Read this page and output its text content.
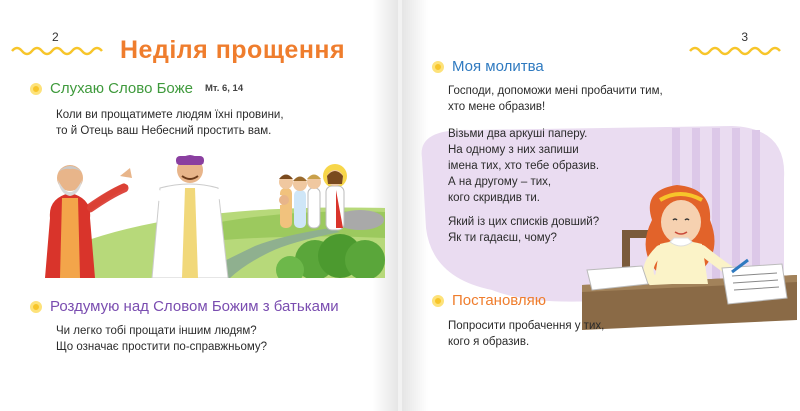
2 Неділя прощення
Слухаю Слово Боже Мт. 6, 14
Коли ви прощатимете людям їхні провини,
то й Отець ваш Небесний простить вам.
Роздумую над Словом Божим з батьками
Чи легко тобі прощати іншим людям?
Що означає простити по-справжньому?
3
Моя молитва
Господи, допоможи мені пробачити тим,
хто мене образив!
Візьми два аркуші паперу.
На одному з них запиши
імена тих, хто тебе образив.
А на другому – тих,
кого скривдив ти.
Який із цих списків довший?
Як ти гадаєш, чому?
Постановляю
Попросити пробачення у тих,
кого я образив.
